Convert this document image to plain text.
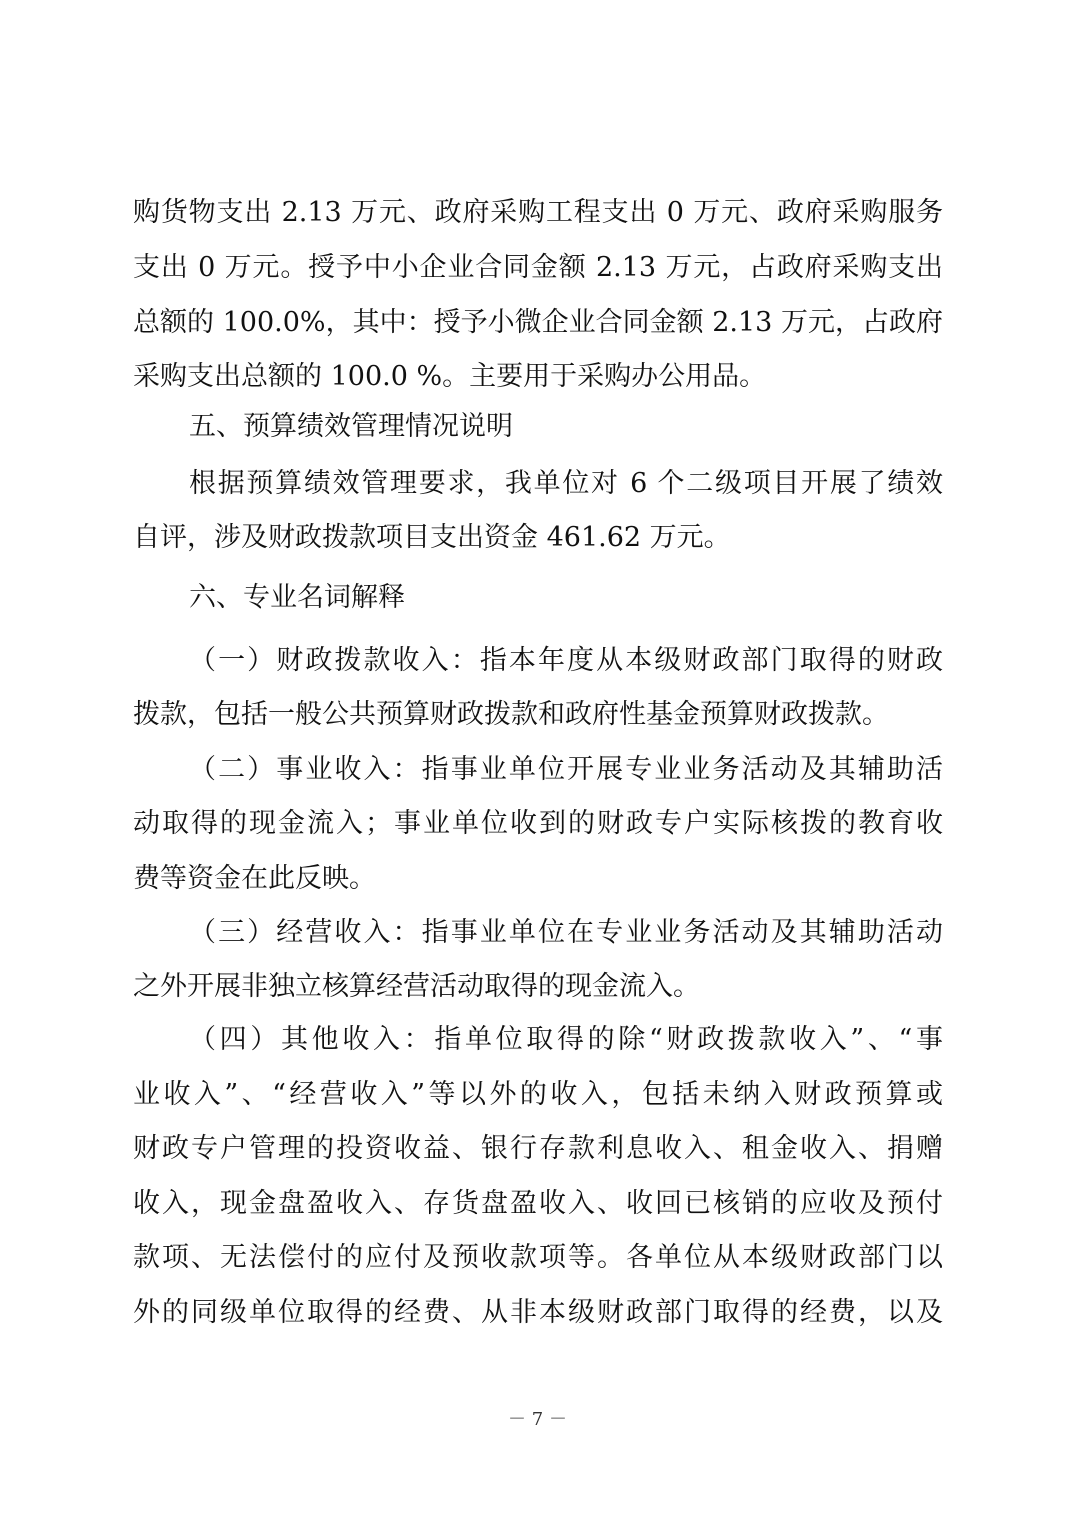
购货物支出 2.13 万元、政府采购工程支出 0 万元、政府采购服务
支出 0 万元。授予中小企业合同金额 2.13 万元，占政府采购支出
总额的 100.0%，其中：授予小微企业合同金额 2.13 万元，占政府
采购支出总额的 100.0 %。主要用于采购办公用品。
五、预算绩效管理情况说明
根据预算绩效管理要求，我单位对 6 个二级项目开展了绩效
自评，涉及财政拨款项目支出资金 461.62 万元。
六、专业名词解释
（一）财政拨款收入：指本年度从本级财政部门取得的财政
拨款，包括一般公共预算财政拨款和政府性基金预算财政拨款。
（二）事业收入：指事业单位开展专业业务活动及其辅助活
动取得的现金流入；事业单位收到的财政专户实际核拨的教育收
费等资金在此反映。
（三）经营收入：指事业单位在专业业务活动及其辅助活动
之外开展非独立核算经营活动取得的现金流入。
（四）其他收入：指单位取得的除“财政拨款收入”、“事
业收入”、“经营收入”等以外的收入，包括未纳入财政预算或
财政专户管理的投资收益、银行存款利息收入、租金收入、捐赠
收入，现金盘盈收入、存货盘盈收入、收回已核销的应收及预付
款项、无法偿付的应付及预收款项等。各单位从本级财政部门以
外的同级单位取得的经费、从非本级财政部门取得的经费，以及
－ 7 －
